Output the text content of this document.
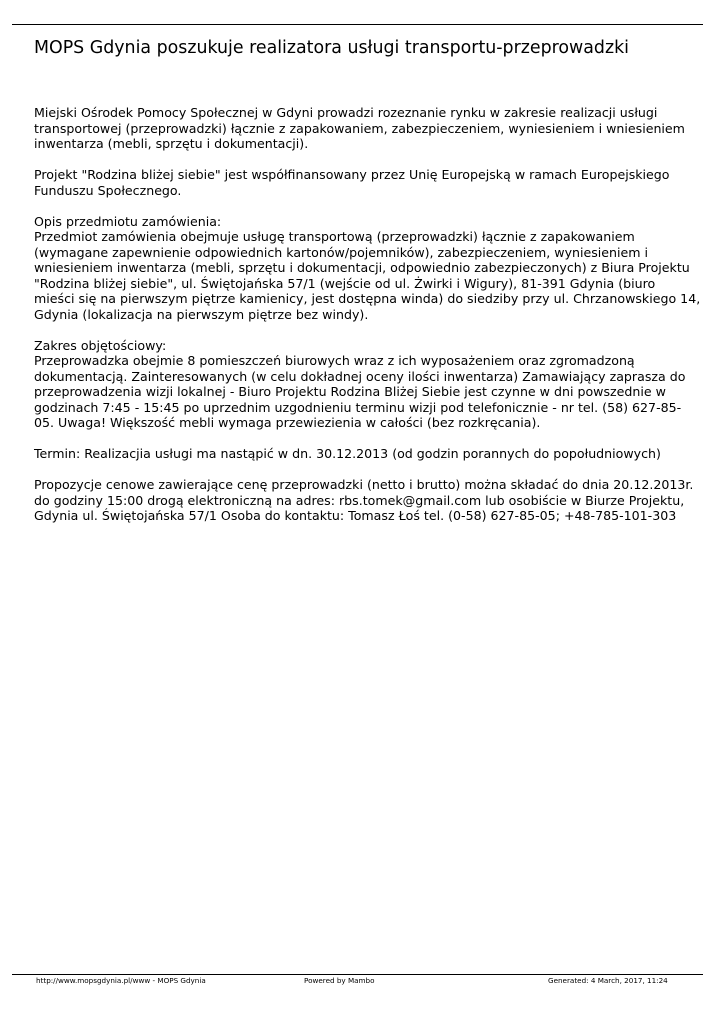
MOPS Gdynia poszukuje realizatora usługi transportu-przeprowadzki

Miejski Ośrodek Pomocy Społecznej w Gdyni prowadzi rozeznanie rynku w zakresie realizacji usługi
transportowej (przeprowadzki) łącznie z zapakowaniem, zabezpieczeniem, wyniesieniem i wniesieniem
inwentarza (mebli, sprzętu i dokumentacji).

Projekt "Rodzina bliżej siebie" jest współfinansowany przez Unię Europejską w ramach Europejskiego
Funduszu Społecznego.

Opis przedmiotu zamówienia:
Przedmiot zamówienia obejmuje usługę transportową (przeprowadzki) łącznie z zapakowaniem
(wymagane zapewnienie odpowiednich kartonów/pojemników), zabezpieczeniem, wyniesieniem i
wniesieniem inwentarza (mebli, sprzętu i dokumentacji, odpowiednio zabezpieczonych) z Biura Projektu
"Rodzina bliżej siebie", ul. Świętojańska 57/1 (wejście od ul. Żwirki i Wigury), 81-391 Gdynia (biuro
mieści się na pierwszym piętrze kamienicy, jest dostępna winda) do siedziby przy ul. Chrzanowskiego 14,
Gdynia (lokalizacja na pierwszym piętrze bez windy).

Zakres objętościowy:
Przeprowadzka obejmie 8 pomieszczeń biurowych wraz z ich wyposażeniem oraz zgromadzoną
dokumentacją. Zainteresowanych (w celu dokładnej oceny ilości inwentarza) Zamawiający zaprasza do
przeprowadzenia wizji lokalnej - Biuro Projektu Rodzina Bliżej Siebie jest czynne w dni powszednie w
godzinach 7:45 - 15:45 po uprzednim uzgodnieniu terminu wizji pod telefonicznie - nr tel. (58) 627-85-
05. Uwaga! Większość mebli wymaga przewiezienia w całości (bez rozkręcania).

Termin: Realizacjia usługi ma nastąpić w dn. 30.12.2013 (od godzin porannych do popołudniowych)

Propozycje cenowe zawierające cenę przeprowadzki (netto i brutto) można składać do dnia 20.12.2013r.
do godziny 15:00 drogą elektroniczną na adres: rbs.tomek@gmail.com lub osobiście w Biurze Projektu,
Gdynia ul. Świętojańska 57/1 Osoba do kontaktu: Tomasz Łoś tel. (0-58) 627-85-05; +48-785-101-303

http://www.mopsgdynia.pl/www - MOPS Gdynia	Powered by Mambo	Generated: 4 March, 2017, 11:24
